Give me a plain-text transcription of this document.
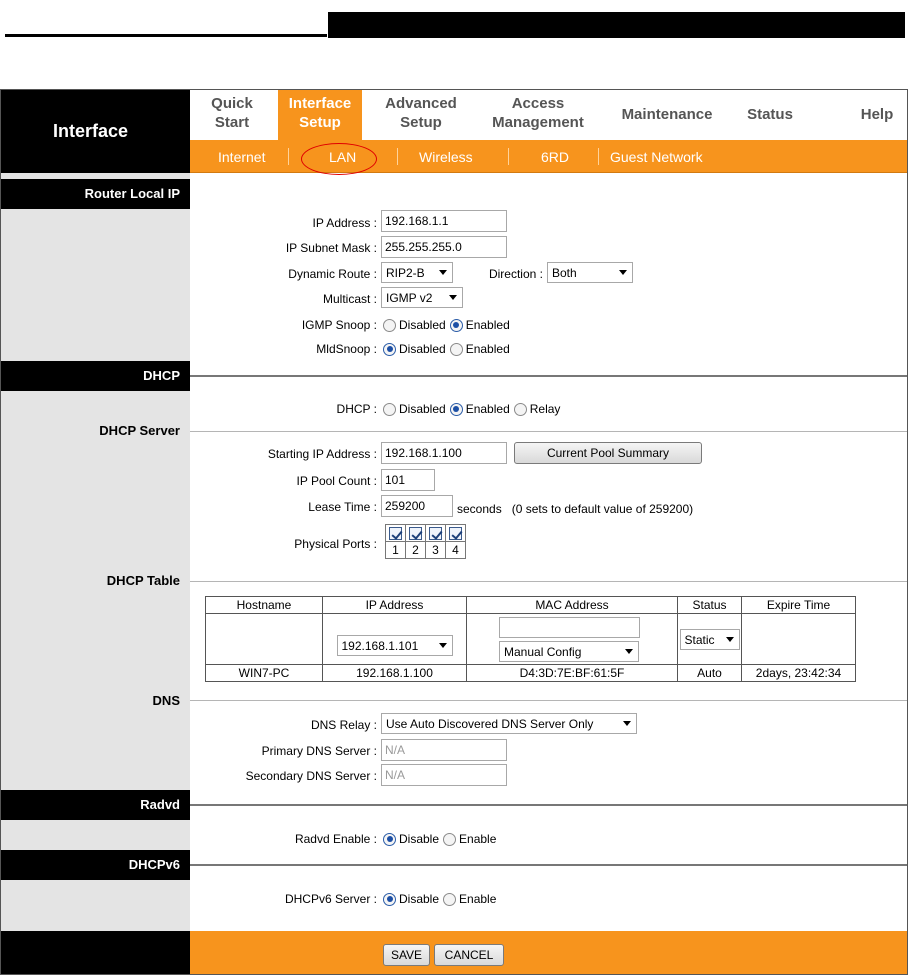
Interface
Quick
Start
Interface
Setup
Advanced
Setup
Access
Management	Maintenance	Status	Help
Internet	LAN	Wireless	6RD	Guest Network
Router Local IP
IP Address :
192.168.1.1
IP Subnet Mask :
255.255.255.0
Dynamic Route : RIP2-B	Direction : Both
Multicast : IGMP v2
IGMP Snoop : Disabled Enabled
MldSnoop : Disabled Enabled
DHCP
DHCP : Disabled Enabled Relay
DHCP Server
Starting IP Address :
192.168.1.100	Current Pool Summary
IP Pool Count :
101
Lease Time :
259200	seconds   (0 sets to default value of 259200)
Physical Ports :
			1	2	3	4
DHCP Table
Hostname	IP Address	MAC Address	Status	Expire Time
	192.168.1.101	Manual Config	Static

WIN7-PC	192.168.1.100	D4:3D:7E:BF:61:5F	Auto	2days, 23:42:34
DNS
DNS Relay : Use Auto Discovered DNS Server Only
Primary DNS Server :
N/A
Secondary DNS Server :
N/A
Radvd
Radvd Enable : Disable Enable
DHCPv6
DHCPv6 Server : Disable Enable
SAVE	CANCEL
